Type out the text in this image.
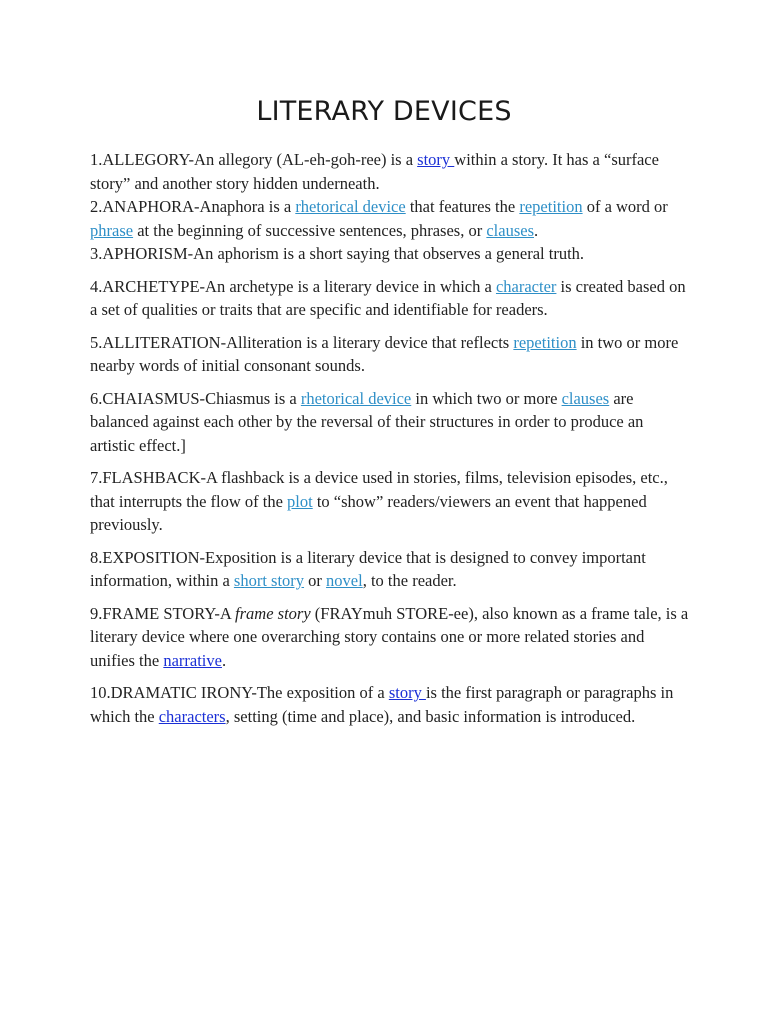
LITERARY DEVICES

1.ALLEGORY-An allegory (AL-eh-goh-ree) is a story within a story. It has a “surface story” and another story hidden underneath.

2.ANAPHORA-Anaphora is a rhetorical device that features the repetition of a word or phrase at the beginning of successive sentences, phrases, or clauses.

3.APHORISM-An aphorism is a short saying that observes a general truth.

4.ARCHETYPE-An archetype is a literary device in which a character is created based on a set of qualities or traits that are specific and identifiable for readers.

5.ALLITERATION-Alliteration is a literary device that reflects repetition in two or more nearby words of initial consonant sounds.

6.CHAIASMUS-Chiasmus is a rhetorical device in which two or more clauses are balanced against each other by the reversal of their structures in order to produce an artistic effect.]

7.FLASHBACK-A flashback is a device used in stories, films, television episodes, etc., that interrupts the flow of the plot to “show” readers/viewers an event that happened previously.

8.EXPOSITION-Exposition is a literary device that is designed to convey important information, within a short story or novel, to the reader.

9.FRAME STORY-A frame story (FRAYmuh STORE-ee), also known as a frame tale, is a literary device where one overarching story contains one or more related stories and unifies the narrative.

10.DRAMATIC IRONY-The exposition of a story is the first paragraph or paragraphs in which the characters, setting (time and place), and basic information is introduced.
